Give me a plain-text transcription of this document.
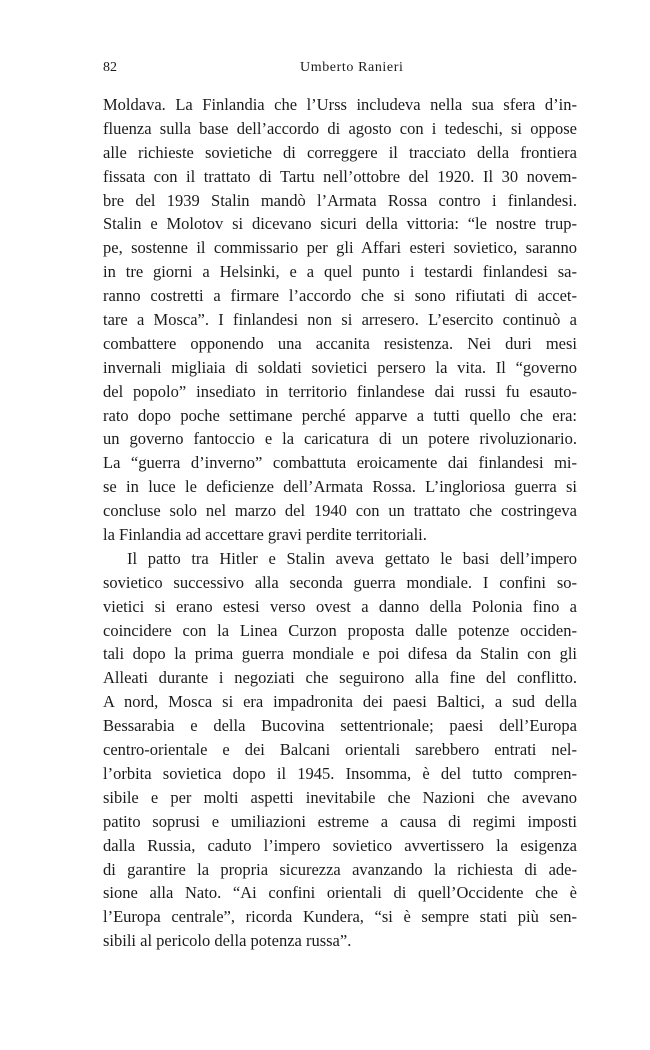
82	Umberto Ranieri
Moldava. La Finlandia che l’Urss includeva nella sua sfera d’in-
fluenza sulla base dell’accordo di agosto con i tedeschi, si oppose
alle richieste sovietiche di correggere il tracciato della frontiera
fissata con il trattato di Tartu nell’ottobre del 1920. Il 30 novem-
bre del 1939 Stalin mandò l’Armata Rossa contro i finlandesi.
Stalin e Molotov si dicevano sicuri della vittoria: “le nostre trup-
pe, sostenne il commissario per gli Affari esteri sovietico, saranno
in tre giorni a Helsinki, e a quel punto i testardi finlandesi sa-
ranno costretti a firmare l’accordo che si sono rifiutati di accet-
tare a Mosca”. I finlandesi non si arresero. L’esercito continuò a
combattere opponendo una accanita resistenza. Nei duri mesi
invernali migliaia di soldati sovietici persero la vita. Il “governo
del popolo” insediato in territorio finlandese dai russi fu esauto-
rato dopo poche settimane perché apparve a tutti quello che era:
un governo fantoccio e la caricatura di un potere rivoluzionario.
La “guerra d’inverno” combattuta eroicamente dai finlandesi mi-
se in luce le deficienze dell’Armata Rossa. L’ingloriosa guerra si
concluse solo nel marzo del 1940 con un trattato che costringeva
la Finlandia ad accettare gravi perdite territoriali.
Il patto tra Hitler e Stalin aveva gettato le basi dell’impero
sovietico successivo alla seconda guerra mondiale. I confini so-
vietici si erano estesi verso ovest a danno della Polonia fino a
coincidere con la Linea Curzon proposta dalle potenze occiden-
tali dopo la prima guerra mondiale e poi difesa da Stalin con gli
Alleati durante i negoziati che seguirono alla fine del conflitto.
A nord, Mosca si era impadronita dei paesi Baltici, a sud della
Bessarabia e della Bucovina settentrionale; paesi dell’Europa
centro-orientale e dei Balcani orientali sarebbero entrati nel-
l’orbita sovietica dopo il 1945. Insomma, è del tutto compren-
sibile e per molti aspetti inevitabile che Nazioni che avevano
patito soprusi e umiliazioni estreme a causa di regimi imposti
dalla Russia, caduto l’impero sovietico avvertissero la esigenza
di garantire la propria sicurezza avanzando la richiesta di ade-
sione alla Nato. “Ai confini orientali di quell’Occidente che è
l’Europa centrale”, ricorda Kundera, “si è sempre stati più sen-
sibili al pericolo della potenza russa”.
